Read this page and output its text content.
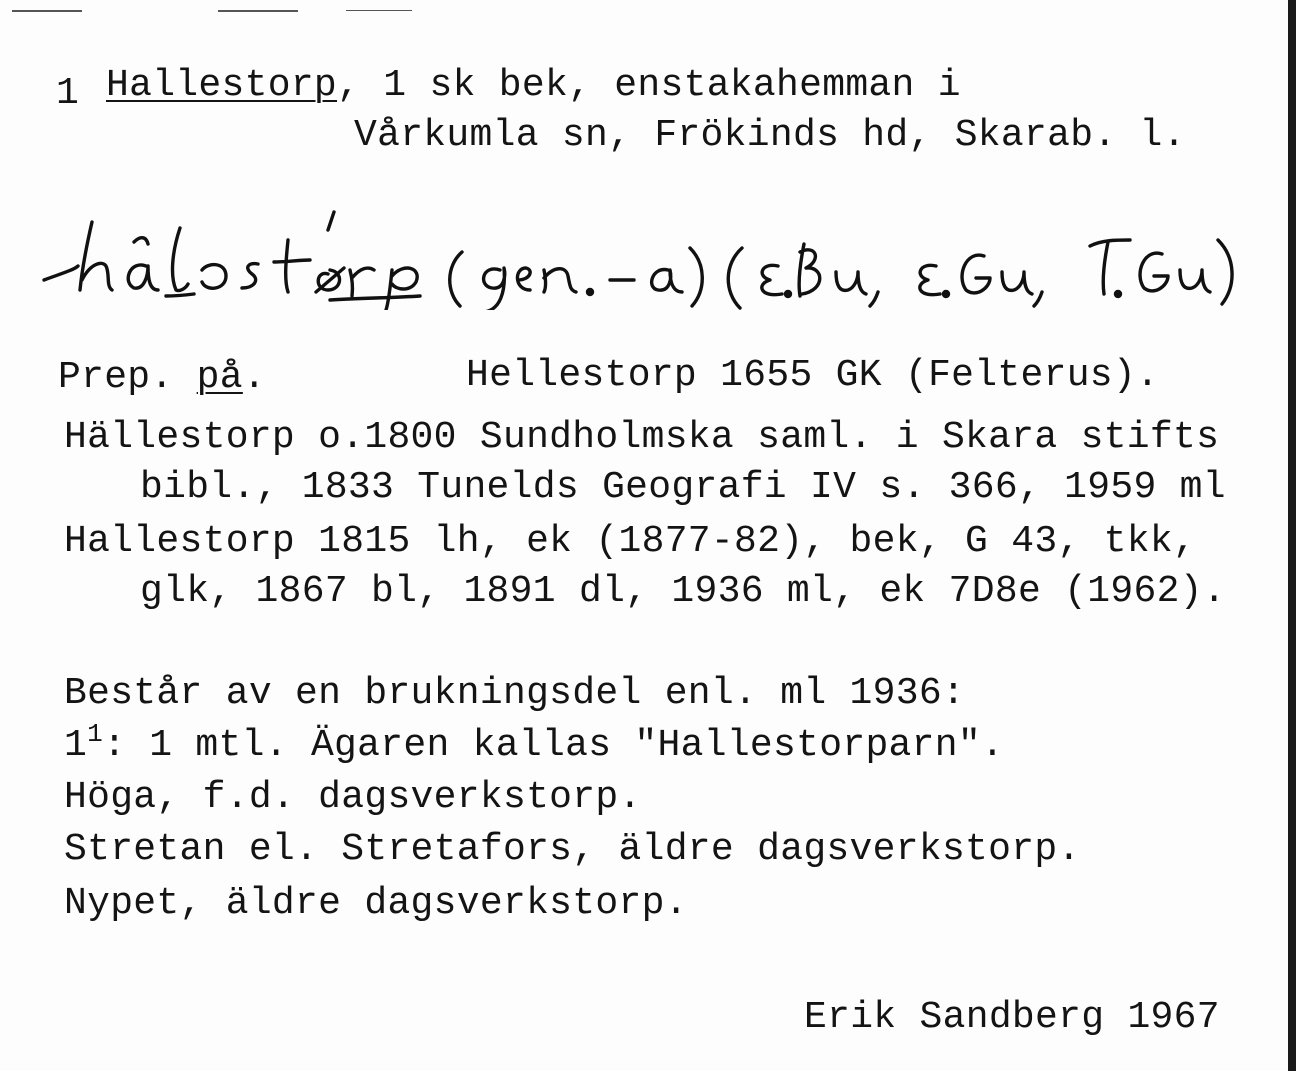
1 Hallestorp, 1 sk bek, enstakahemman i
Vårkumla sn, Frökinds hd, Skarab. l.
Prep. på.	Hellestorp 1655 GK (Felterus).
Hällestorp o.1800 Sundholmska saml. i Skara stifts
bibl., 1833 Tunelds Geografi IV s. 366, 1959 ml
Hallestorp 1815 lh, ek (1877-82), bek, G 43, tkk,
glk, 1867 bl, 1891 dl, 1936 ml, ek 7D8e (1962).
Består av en brukningsdel enl. ml 1936:
$1^1$: 1 mtl. Ägaren kallas "Hallestorparn".
Höga, f.d. dagsverkstorp.
Stretan el. Stretafors, äldre dagsverkstorp.
Nypet, äldre dagsverkstorp.
Erik Sandberg 1967
